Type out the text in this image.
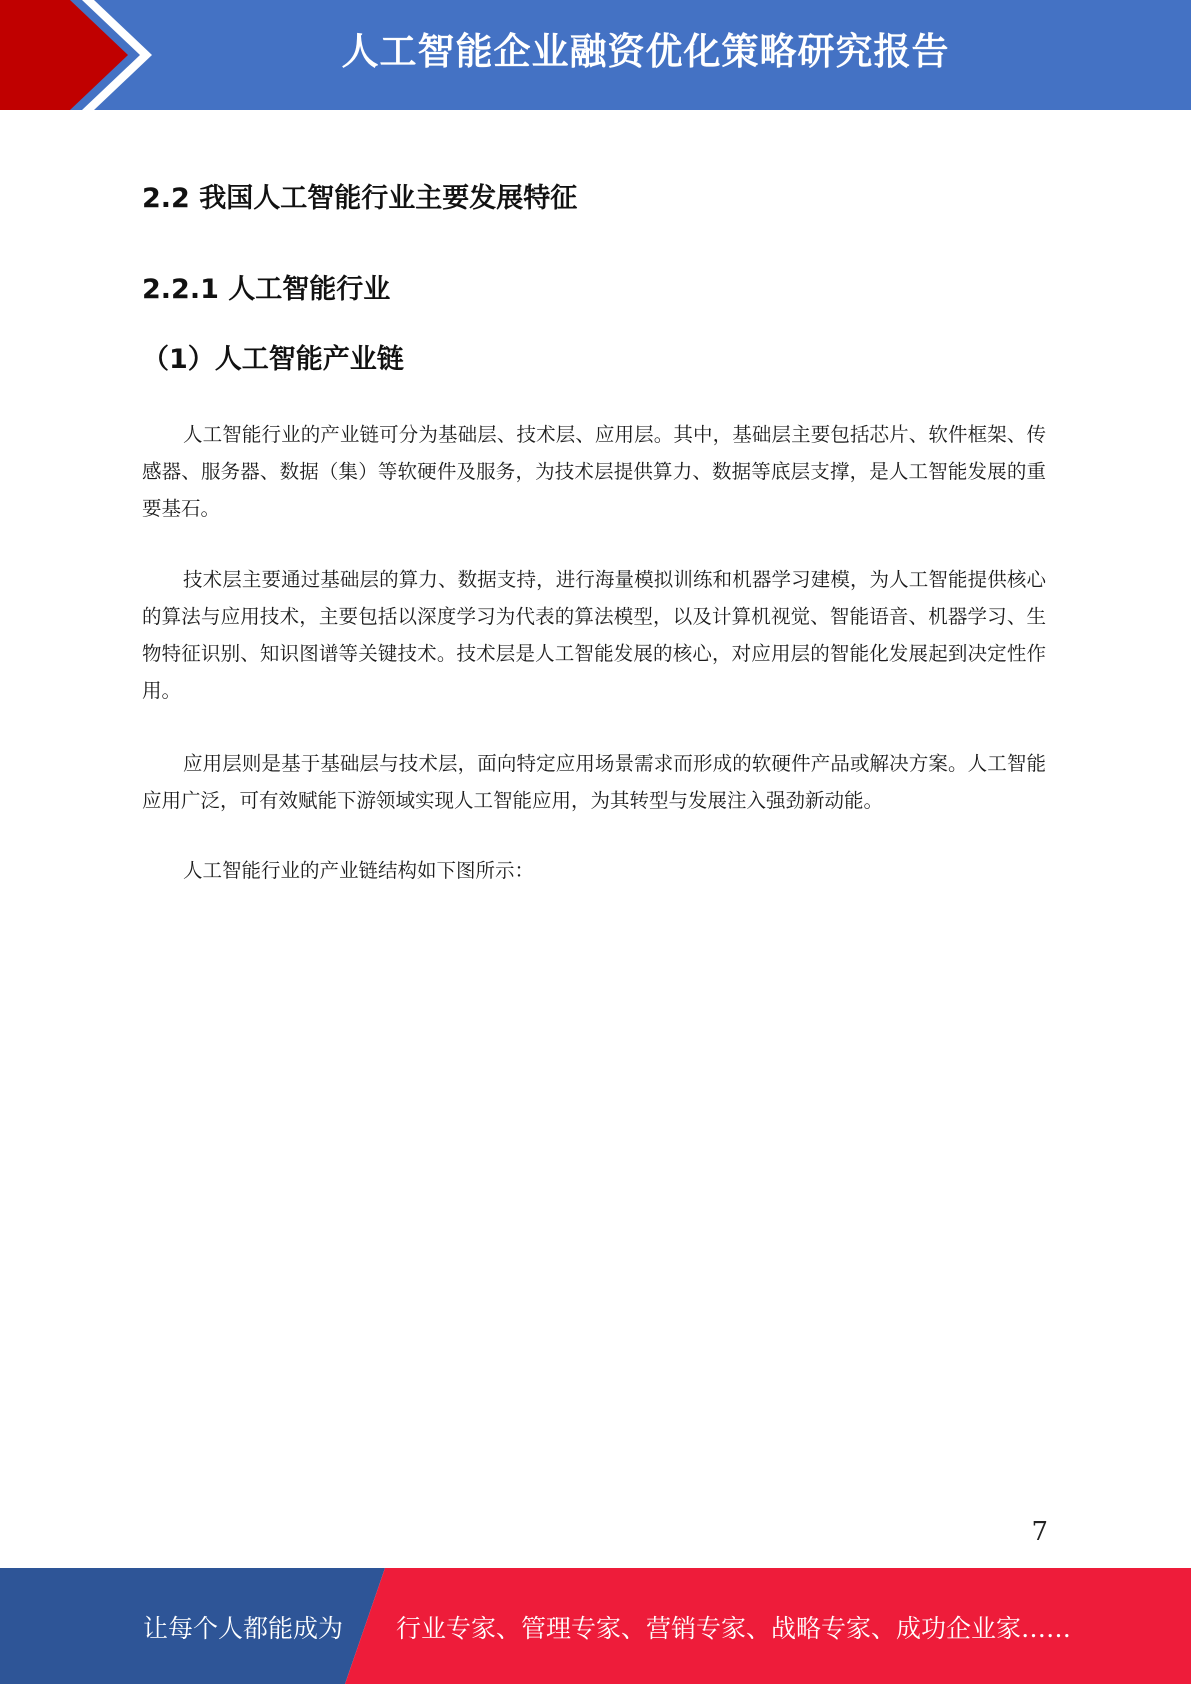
人工智能企业融资优化策略研究报告
2.2 我国人工智能行业主要发展特征
2.2.1 人工智能行业
（1）人工智能产业链

人工智能行业的产业链可分为基础层、技术层、应用层。其中，基础层主要包括芯片、软件框架、传感器、服务器、数据（集）等软硬件及服务，为技术层提供算力、数据等底层支撑，是人工智能发展的重要基石。

技术层主要通过基础层的算力、数据支持，进行海量模拟训练和机器学习建模，为人工智能提供核心的算法与应用技术，主要包括以深度学习为代表的算法模型，以及计算机视觉、智能语音、机器学习、生物特征识别、知识图谱等关键技术。技术层是人工智能发展的核心，对应用层的智能化发展起到决定性作用。

应用层则是基于基础层与技术层，面向特定应用场景需求而形成的软硬件产品或解决方案。人工智能应用广泛，可有效赋能下游领域实现人工智能应用，为其转型与发展注入强劲新动能。

人工智能行业的产业链结构如下图所示：

7
让每个人都能成为 行业专家、管理专家、营销专家、战略专家、成功企业家……
